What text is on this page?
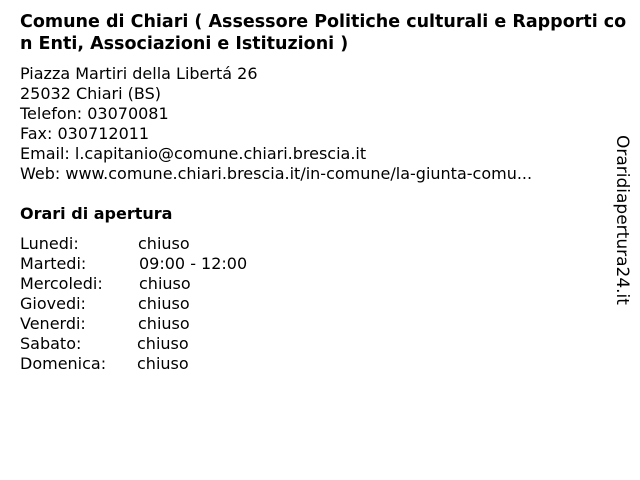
Comune di Chiari ( Assessore Politiche culturali e Rapporti con Enti, Associazioni e Istituzioni )
Piazza Martiri della Libertá 26
25032 Chiari (BS)
Telefon: 03070081
Fax: 030712011
Email: l.capitanio@comune.chiari.brescia.it
Web: www.comune.chiari.brescia.it/in-comune/la-giunta-comu...
Orari di apertura
Lunedi:	chiuso
Martedi:	09:00 - 12:00
Mercoledi:	chiuso
Giovedi:	chiuso
Venerdi:	chiuso
Sabato:	chiuso
Domenica:	chiuso
Oraridiapertura24.it
